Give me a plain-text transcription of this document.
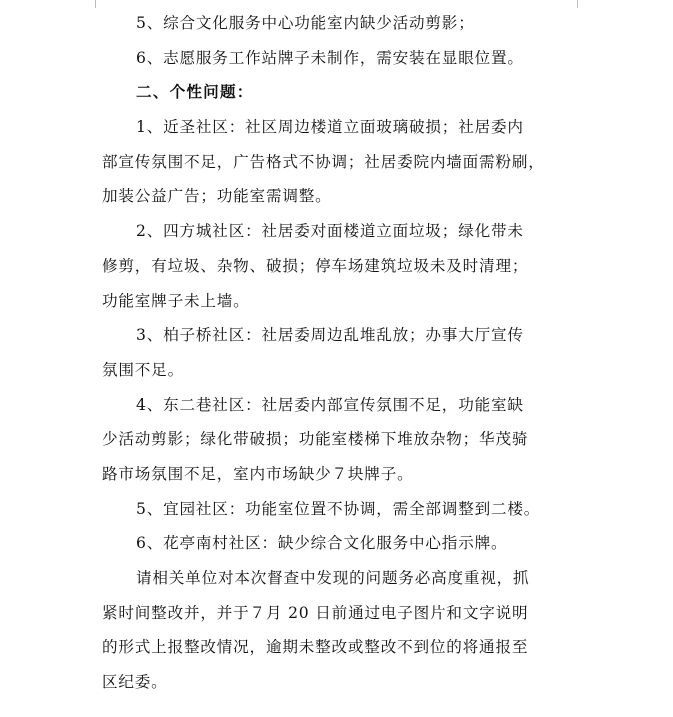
5、综合文化服务中心功能室内缺少活动剪影；
6、志愿服务工作站牌子未制作，需安装在显眼位置。
二、个性问题：
1、近圣社区：社区周边楼道立面玻璃破损；社居委内
部宣传氛围不足，广告格式不协调；社居委院内墙面需粉刷，
加装公益广告；功能室需调整。
2、四方城社区：社居委对面楼道立面垃圾；绿化带未
修剪，有垃圾、杂物、破损；停车场建筑垃圾未及时清理；
功能室牌子未上墙。
3、柏子桥社区：社居委周边乱堆乱放；办事大厅宣传
氛围不足。
4、东二巷社区：社居委内部宣传氛围不足，功能室缺
少活动剪影；绿化带破损；功能室楼梯下堆放杂物；华茂骑
路市场氛围不足，室内市场缺少７块牌子。
5、宜园社区：功能室位置不协调，需全部调整到二楼。
6、花亭南村社区：缺少综合文化服务中心指示牌。
请相关单位对本次督查中发现的问题务必高度重视，抓
紧时间整改并，并于７月 20 日前通过电子图片和文字说明
的形式上报整改情况，逾期未整改或整改不到位的将通报至
区纪委。
